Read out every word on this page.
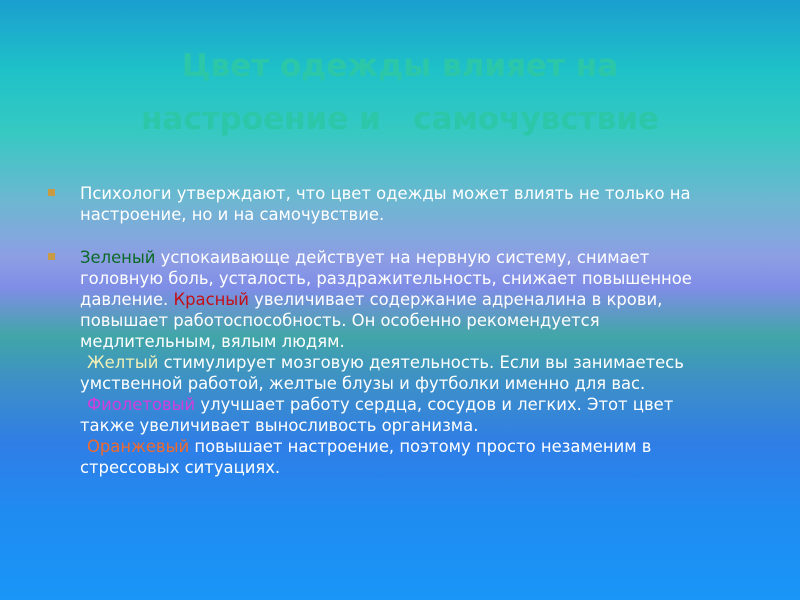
Цвет одежды влияет на
настроение и   самочувствие

Психологи утверждают, что цвет одежды может влиять не только на настроение, но и на самочувствие.

Зеленый успокаивающе действует на нервную систему, снимает головную боль, усталость, раздражительность, снижает повышенное давление. Красный увеличивает содержание адреналина в крови, повышает работоспособность. Он особенно рекомендуется медлительным, вялым людям.

Желтый стимулирует мозговую деятельность. Если вы занимаетесь умственной работой, желтые блузы и футболки именно для вас.

Фиолетовый улучшает работу сердца, сосудов и легких. Этот цвет также увеличивает выносливость организма.

Оранжевый повышает настроение, поэтому просто незаменим в стрессовых ситуациях.
